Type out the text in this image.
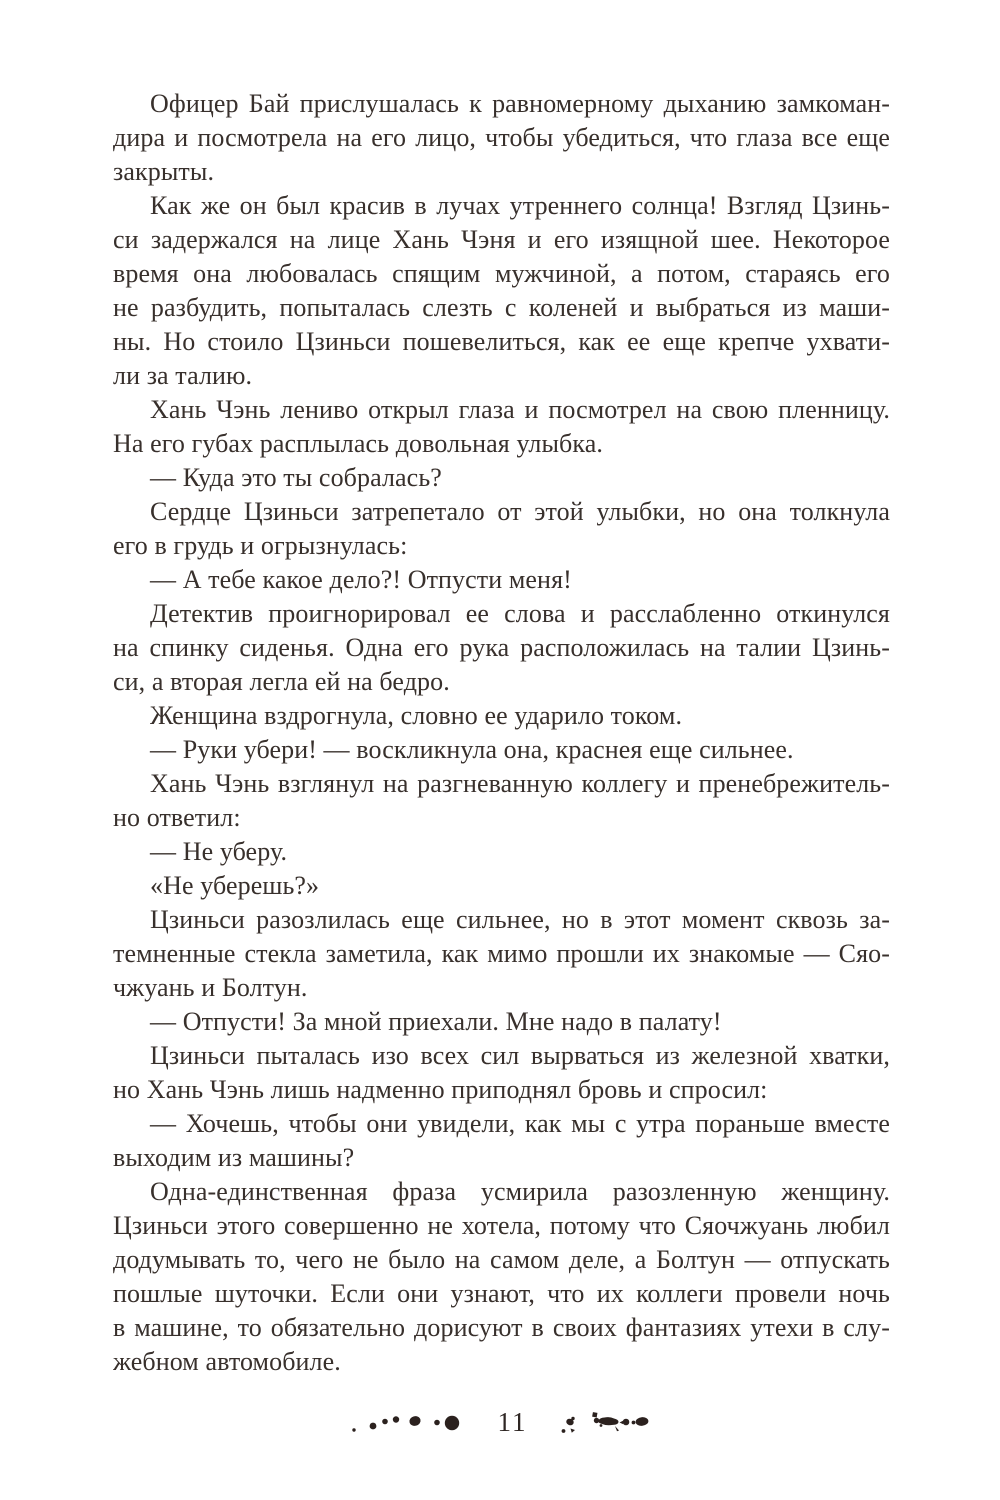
Офицер Бай прислушалась к равномерному дыханию замкоман-
дира и посмотрела на его лицо, чтобы убедиться, что глаза все еще
закрыты.
Как же он был красив в лучах утреннего солнца! Взгляд Цзинь-
си задержался на лице Хань Чэня и его изящной шее. Некоторое
время она любовалась спящим мужчиной, а потом, стараясь его
не разбудить, попыталась слезть с коленей и выбраться из маши-
ны. Но стоило Цзиньси пошевелиться, как ее еще крепче ухвати-
ли за талию.
Хань Чэнь лениво открыл глаза и посмотрел на свою пленницу.
На его губах расплылась довольная улыбка.
— Куда это ты собралась?
Сердце Цзиньси затрепетало от этой улыбки, но она толкнула
его в грудь и огрызнулась:
— А тебе какое дело?! Отпусти меня!
Детектив проигнорировал ее слова и расслабленно откинулся
на спинку сиденья. Одна его рука расположилась на талии Цзинь-
си, а вторая легла ей на бедро.
Женщина вздрогнула, словно ее ударило током.
— Руки убери! — воскликнула она, краснея еще сильнее.
Хань Чэнь взглянул на разгневанную коллегу и пренебрежитель-
но ответил:
— Не уберу.
«Не уберешь?»
Цзиньси разозлилась еще сильнее, но в этот момент сквозь за-
темненные стекла заметила, как мимо прошли их знакомые — Сяо-
чжуань и Болтун.
— Отпусти! За мной приехали. Мне надо в палату!
Цзиньси пыталась изо всех сил вырваться из железной хватки,
но Хань Чэнь лишь надменно приподнял бровь и спросил:
— Хочешь, чтобы они увидели, как мы с утра пораньше вместе
выходим из машины?
Одна-единственная фраза усмирила разозленную женщину.
Цзиньси этого совершенно не хотела, потому что Сяочжуань любил
додумывать то, чего не было на самом деле, а Болтун — отпускать
пошлые шуточки. Если они узнают, что их коллеги провели ночь
в машине, то обязательно дорисуют в своих фантазиях утехи в слу-
жебном автомобиле.
11
